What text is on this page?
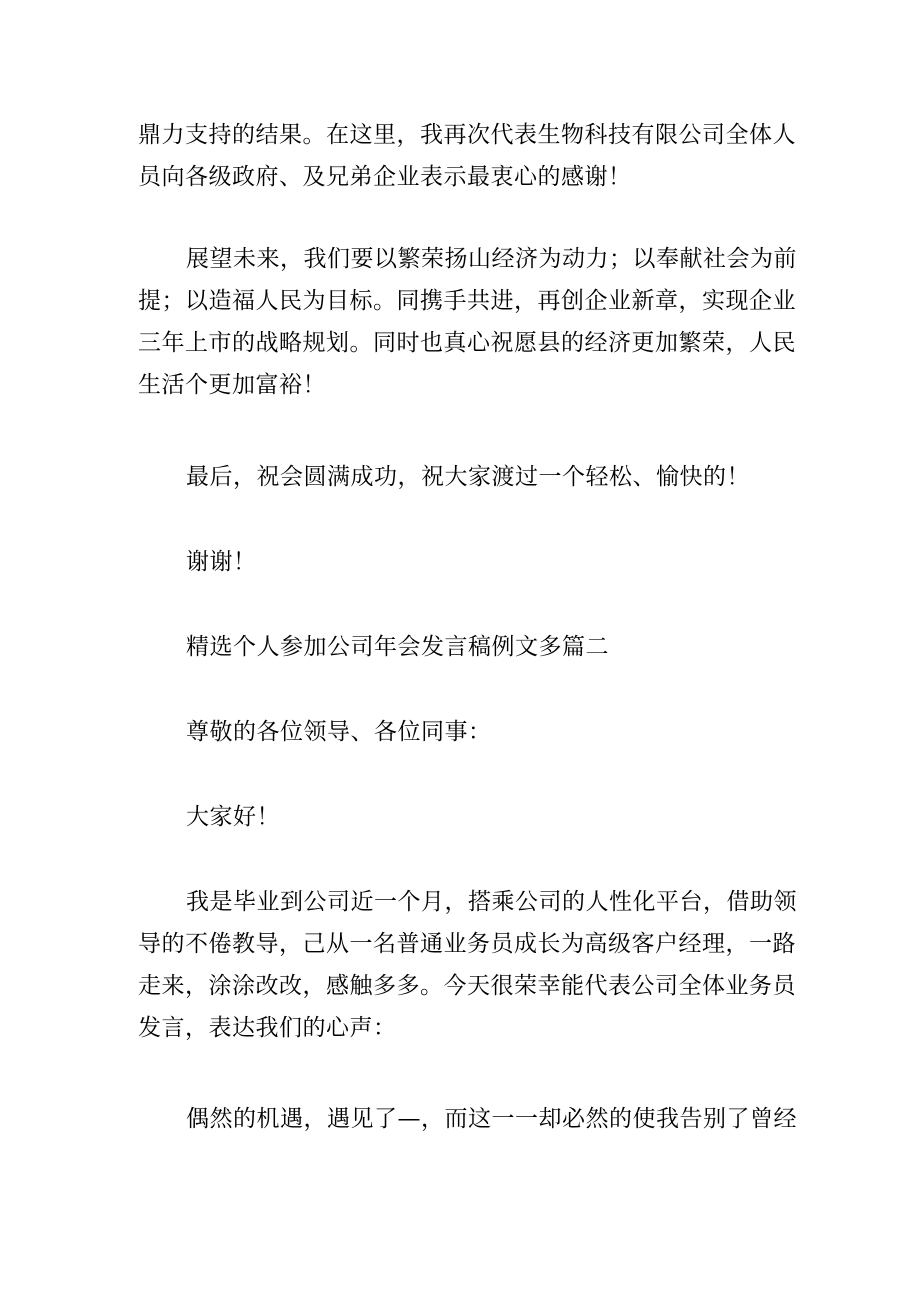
鼎力支持的结果。在这里，我再次代表生物科技有限公司全体人
员向各级政府、及兄弟企业表示最衷心的感谢！
展望未来，我们要以繁荣扬山经济为动力；以奉献社会为前
提；以造福人民为目标。同携手共进，再创企业新章，实现企业
三年上市的战略规划。同时也真心祝愿县的经济更加繁荣，人民
生活个更加富裕！
最后，祝会圆满成功，祝大家渡过一个轻松、愉快的！
谢谢！
精选个人参加公司年会发言稿例文多篇二
尊敬的各位领导、各位同事：
大家好！
我是毕业到公司近一个月，搭乘公司的人性化平台，借助领
导的不倦教导，己从一名普通业务员成长为高级客户经理，一路
走来，涂涂改改，感触多多。今天很荣幸能代表公司全体业务员
发言，表达我们的心声：
偶然的机遇，遇见了—，而这一一却必然的使我告别了曾经
